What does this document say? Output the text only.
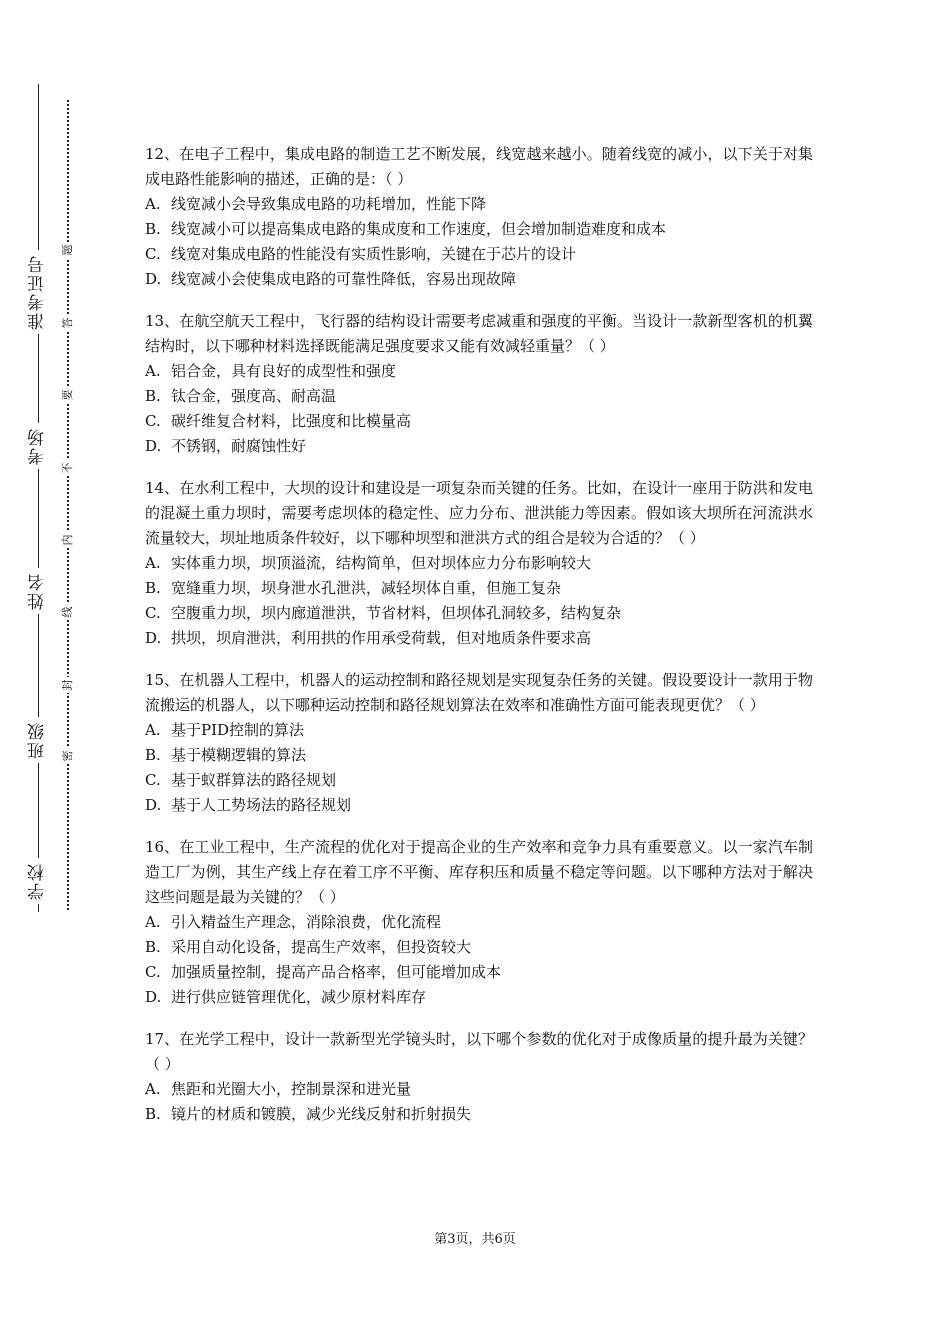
准考证号
考场
姓名
班级
学校
题
答
要
不
内
线
封
密

12、在电子工程中，集成电路的制造工艺不断发展，线宽越来越小。随着线宽的减小，以下关于对集成电路性能影响的描述，正确的是：（ ）

A. 线宽减小会导致集成电路的功耗增加，性能下降

B. 线宽减小可以提高集成电路的集成度和工作速度，但会增加制造难度和成本

C. 线宽对集成电路的性能没有实质性影响，关键在于芯片的设计

D. 线宽减小会使集成电路的可靠性降低，容易出现故障

13、在航空航天工程中，飞行器的结构设计需要考虑减重和强度的平衡。当设计一款新型客机的机翼结构时，以下哪种材料选择既能满足强度要求又能有效减轻重量？（ ）

A. 铝合金，具有良好的成型性和强度

B. 钛合金，强度高、耐高温

C. 碳纤维复合材料，比强度和比模量高

D. 不锈钢，耐腐蚀性好

14、在水利工程中，大坝的设计和建设是一项复杂而关键的任务。比如，在设计一座用于防洪和发电的混凝土重力坝时，需要考虑坝体的稳定性、应力分布、泄洪能力等因素。假如该大坝所在河流洪水流量较大，坝址地质条件较好，以下哪种坝型和泄洪方式的组合是较为合适的？（ ）

A. 实体重力坝，坝顶溢流，结构简单，但对坝体应力分布影响较大

B. 宽缝重力坝，坝身泄水孔泄洪，减轻坝体自重，但施工复杂

C. 空腹重力坝，坝内廊道泄洪，节省材料，但坝体孔洞较多，结构复杂

D. 拱坝，坝肩泄洪，利用拱的作用承受荷载，但对地质条件要求高

15、在机器人工程中，机器人的运动控制和路径规划是实现复杂任务的关键。假设要设计一款用于物流搬运的机器人，以下哪种运动控制和路径规划算法在效率和准确性方面可能表现更优？（ ）

A. 基于PID控制的算法

B. 基于模糊逻辑的算法

C. 基于蚁群算法的路径规划

D. 基于人工势场法的路径规划

16、在工业工程中，生产流程的优化对于提高企业的生产效率和竞争力具有重要意义。以一家汽车制造工厂为例，其生产线上存在着工序不平衡、库存积压和质量不稳定等问题。以下哪种方法对于解决这些问题是最为关键的？（ ）

A. 引入精益生产理念，消除浪费，优化流程

B. 采用自动化设备，提高生产效率，但投资较大

C. 加强质量控制，提高产品合格率，但可能增加成本

D. 进行供应链管理优化，减少原材料库存

17、在光学工程中，设计一款新型光学镜头时，以下哪个参数的优化对于成像质量的提升最为关键？（ ）

A. 焦距和光圈大小，控制景深和进光量

B. 镜片的材质和镀膜，减少光线反射和折射损失

第3页，共6页
